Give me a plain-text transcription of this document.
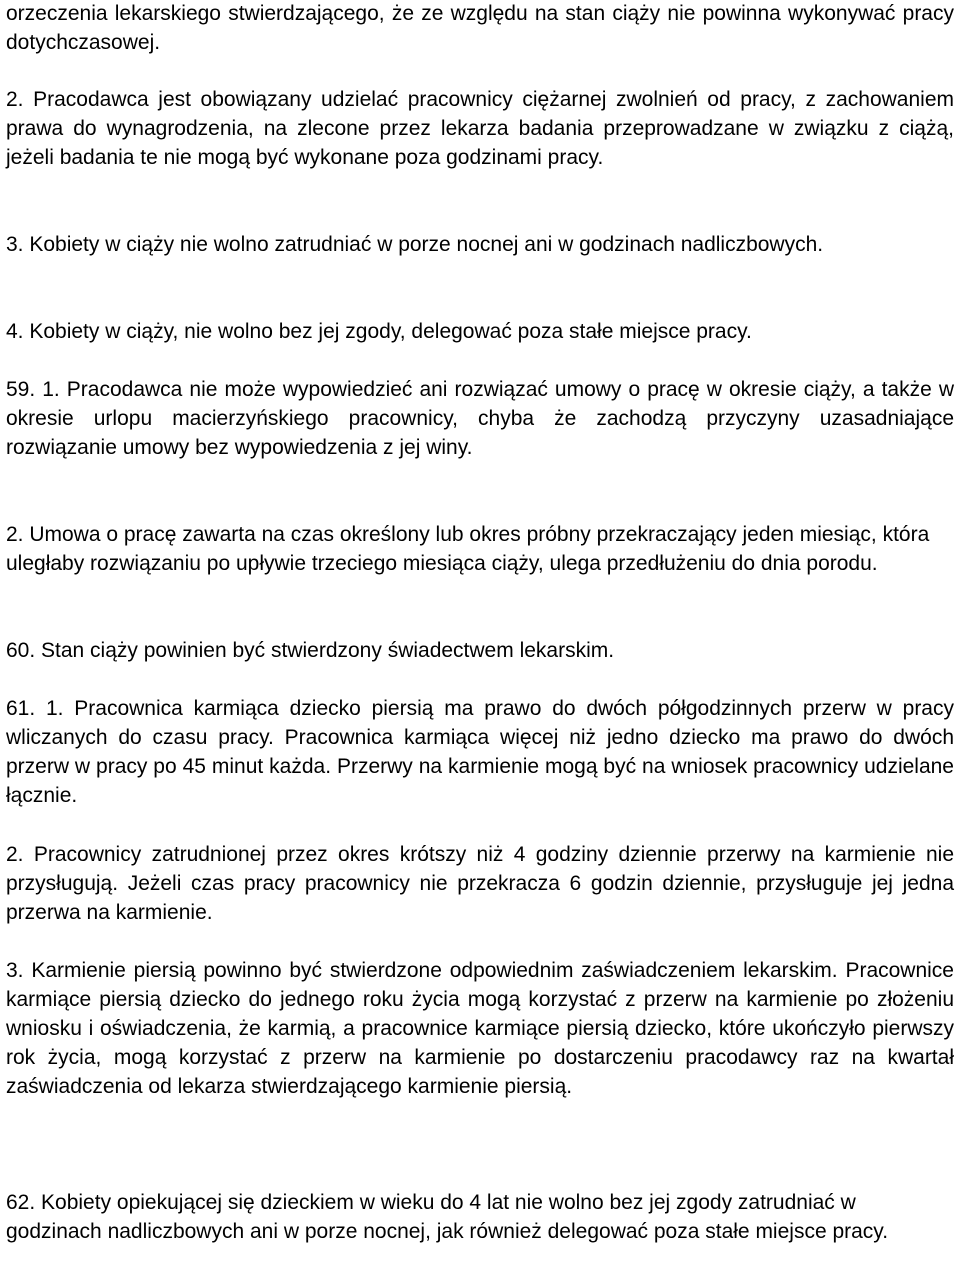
orzeczenia lekarskiego stwierdzającego, że ze względu na stan ciąży nie powinna wykonywać pracy dotychczasowej.

2. Pracodawca jest obowiązany udzielać pracownicy ciężarnej zwolnień od pracy, z zachowaniem prawa do wynagrodzenia, na zlecone przez lekarza badania przeprowadzane w związku z ciążą, jeżeli badania te nie mogą być wykonane poza godzinami pracy.

3. Kobiety w ciąży nie wolno zatrudniać w porze nocnej ani w godzinach nadliczbowych.

4. Kobiety w ciąży, nie wolno bez jej zgody, delegować poza stałe miejsce pracy.

59. 1. Pracodawca nie może wypowiedzieć ani rozwiązać umowy o pracę w okresie ciąży, a także w okresie urlopu macierzyńskiego pracownicy, chyba że zachodzą przyczyny uzasadniające rozwiązanie umowy bez wypowiedzenia z jej winy.

2. Umowa o pracę zawarta na czas określony lub okres próbny przekraczający jeden miesiąc, która uległaby rozwiązaniu po upływie trzeciego miesiąca ciąży, ulega przedłużeniu do dnia porodu.

60. Stan ciąży powinien być stwierdzony świadectwem lekarskim.

61. 1. Pracownica karmiąca dziecko piersią ma prawo do dwóch półgodzinnych przerw w pracy wliczanych do czasu pracy. Pracownica karmiąca więcej niż jedno dziecko ma prawo do dwóch przerw w pracy po 45 minut każda. Przerwy na karmienie mogą być na wniosek pracownicy udzielane łącznie.

2. Pracownicy zatrudnionej przez okres krótszy niż 4 godziny dziennie przerwy na karmienie nie przysługują. Jeżeli czas pracy pracownicy nie przekracza 6 godzin dziennie, przysługuje jej jedna przerwa na karmienie.

3. Karmienie piersią powinno być stwierdzone odpowiednim zaświadczeniem lekarskim. Pracownice karmiące piersią dziecko do jednego roku życia mogą korzystać z przerw na karmienie po złożeniu wniosku i oświadczenia, że karmią, a pracownice karmiące piersią dziecko, które ukończyło pierwszy rok życia, mogą korzystać z przerw na karmienie po dostarczeniu pracodawcy raz na kwartał zaświadczenia od lekarza stwierdzającego karmienie piersią.

62. Kobiety opiekującej się dzieckiem w wieku do 4 lat nie wolno bez jej zgody zatrudniać w godzinach nadliczbowych ani w porze nocnej, jak również delegować poza stałe miejsce pracy.
